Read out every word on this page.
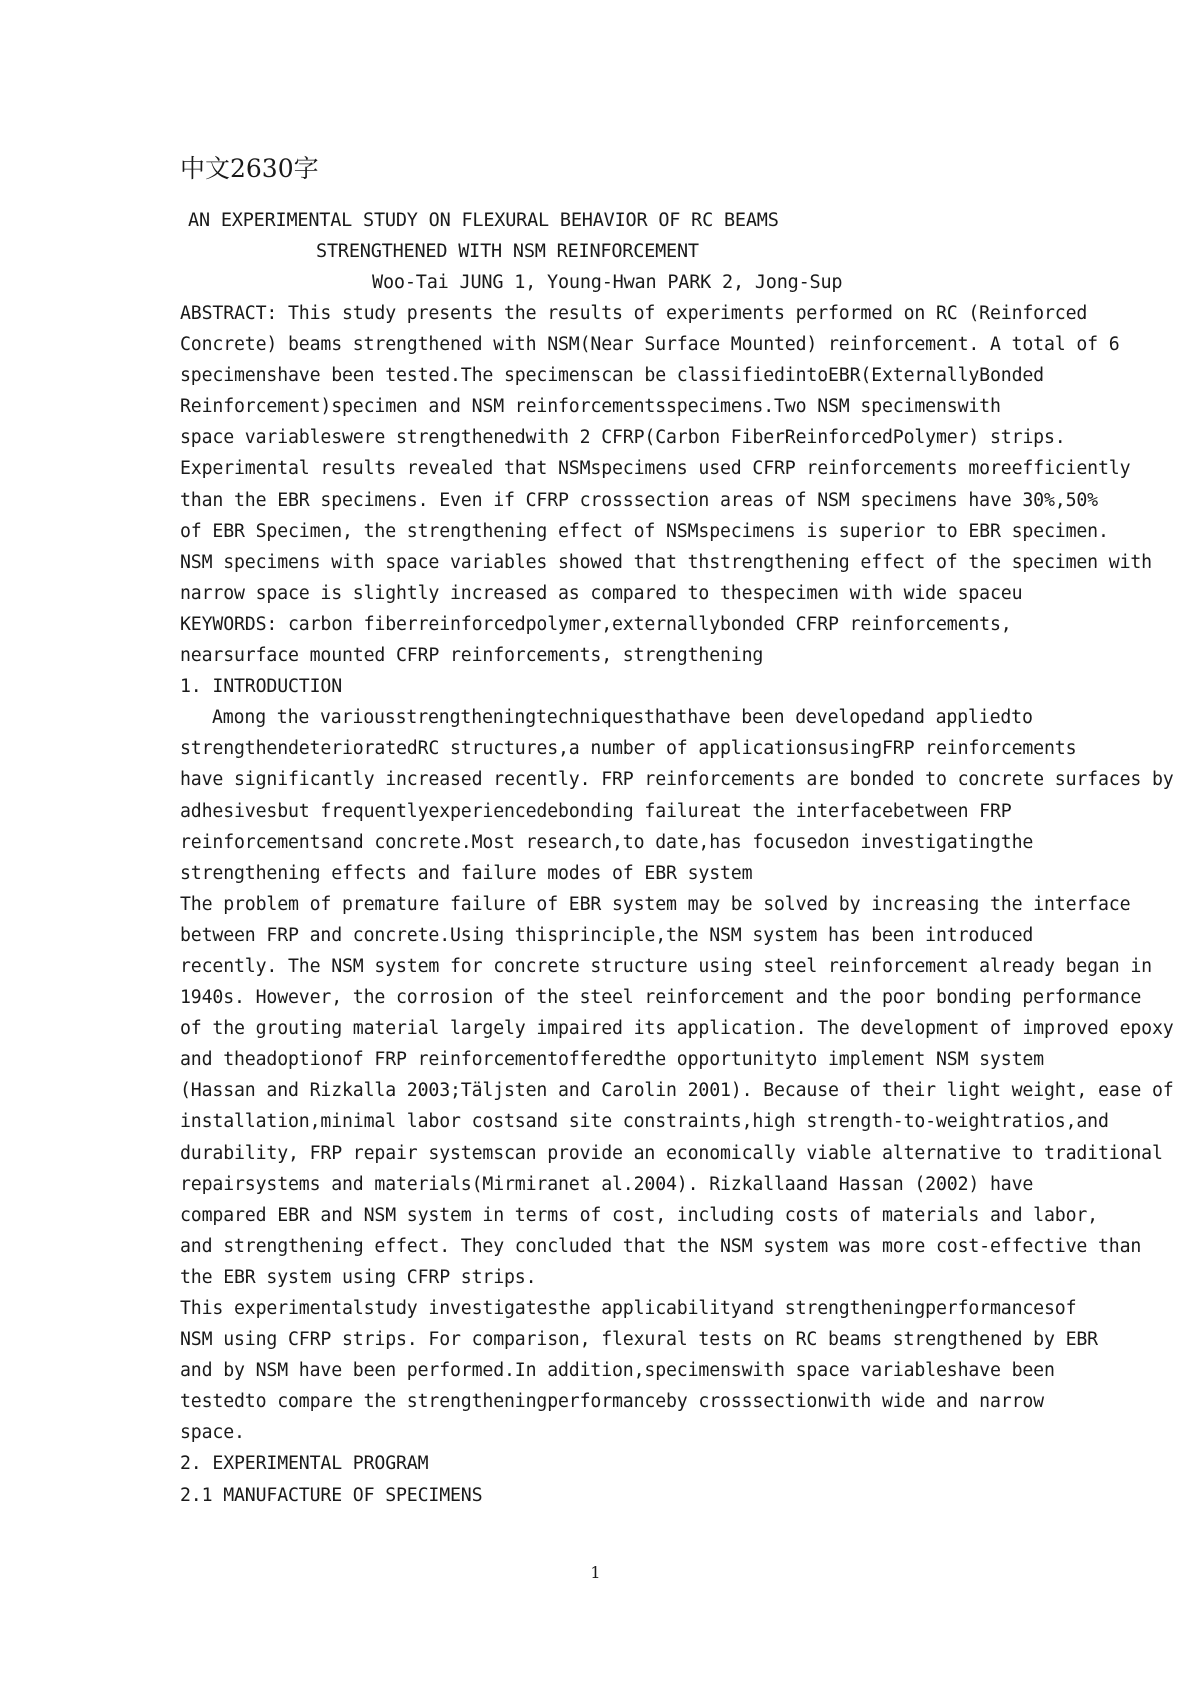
中文2630字

AN EXPERIMENTAL STUDY ON FLEXURAL BEHAVIOR OF RC BEAMS
STRENGTHENED WITH NSM REINFORCEMENT

Woo-Tai JUNG 1, Young-Hwan PARK 2, Jong-Sup

ABSTRACT: This study presents the results of experiments performed on RC (Reinforced
Concrete) beams strengthened with NSM(Near Surface Mounted) reinforcement. A total of 6
specimenshave been tested.The specimenscan be classifiedintoEBR(ExternallyBonded
Reinforcement)specimen and NSM reinforcementsspecimens.Two NSM specimenswith
space variableswere strengthenedwith 2 CFRP(Carbon FiberReinforcedPolymer) strips.
Experimental results revealed that NSMspecimens used CFRP reinforcements moreefficiently
than the EBR specimens. Even if CFRP crosssection areas of NSM specimens have 30%,50%
of EBR Specimen, the strengthening effect of NSMspecimens is superior to EBR specimen.
NSM specimens with space variables showed that thstrengthening effect of the specimen with
narrow space is slightly increased as compared to thespecimen with wide spaceu
KEYWORDS: carbon fiberreinforcedpolymer,externallybonded CFRP reinforcements,
nearsurface mounted CFRP reinforcements, strengthening
1. INTRODUCTION
Among the variousstrengtheningtechniquesthathave been developedand appliedto
strengthendeterioratedRC structures,a number of applicationsusingFRP reinforcements
have significantly increased recently. FRP reinforcements are bonded to concrete surfaces by
adhesivesbut frequentlyexperiencedebonding failureat the interfacebetween FRP
reinforcementsand concrete.Most research,to date,has focusedon investigatingthe
strengthening effects and failure modes of EBR system
The problem of premature failure of EBR system may be solved by increasing the interface
between FRP and concrete.Using thisprinciple,the NSM system has been introduced
recently. The NSM system for concrete structure using steel reinforcement already began in
1940s. However, the corrosion of the steel reinforcement and the poor bonding performance
of the grouting material largely impaired its application. The development of improved epoxy
and theadoptionof FRP reinforcementofferedthe opportunityto implement NSM system
(Hassan and Rizkalla 2003;Täljsten and Carolin 2001). Because of their light weight, ease of
installation,minimal labor costsand site constraints,high strength-to-weightratios,and
durability, FRP repair systemscan provide an economically viable alternative to traditional
repairsystems and materials(Mirmiranet al.2004). Rizkallaand Hassan (2002) have
compared EBR and NSM system in terms of cost, including costs of materials and labor,
and strengthening effect. They concluded that the NSM system was more cost-effective than
the EBR system using CFRP strips.
This experimentalstudy investigatesthe applicabilityand strengtheningperformancesof
NSM using CFRP strips. For comparison, flexural tests on RC beams strengthened by EBR
and by NSM have been performed.In addition,specimenswith space variableshave been
testedto compare the strengtheningperformanceby crosssectionwith wide and narrow
space.
2. EXPERIMENTAL PROGRAM
2.1 MANUFACTURE OF SPECIMENS

1
